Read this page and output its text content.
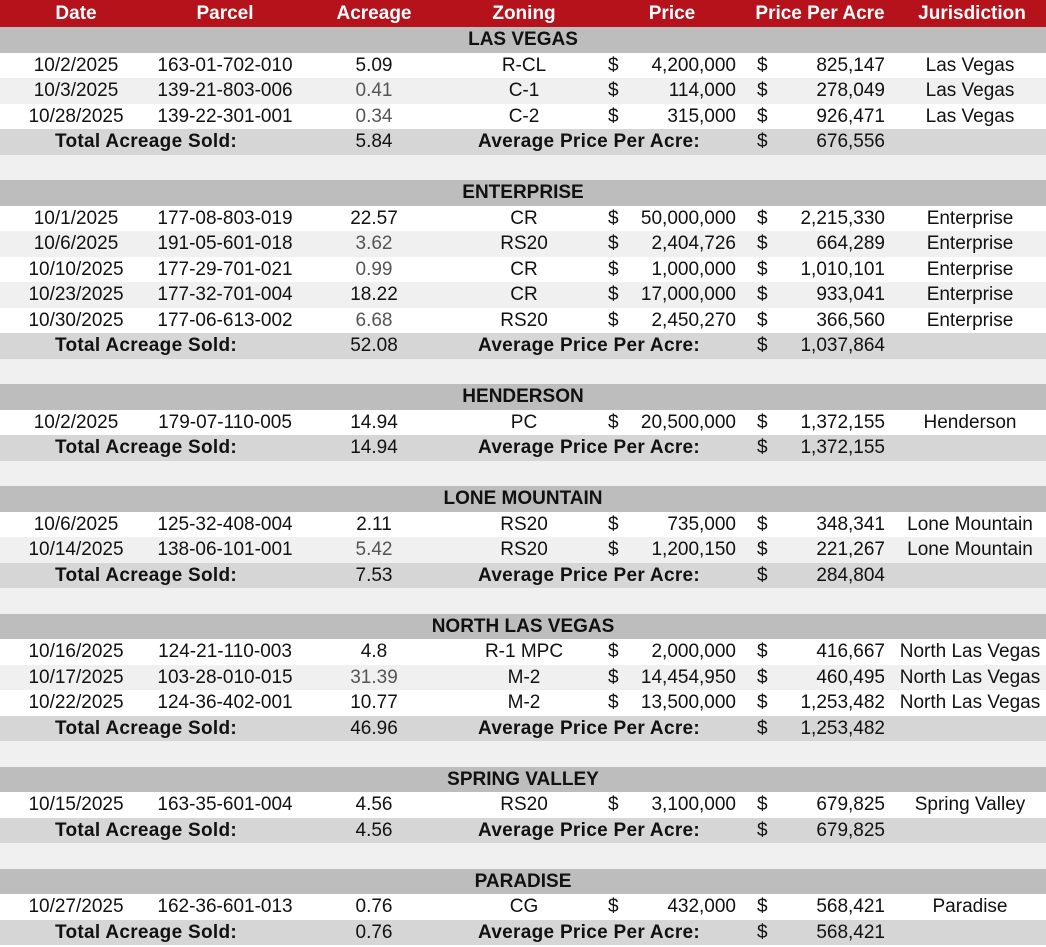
Date	Parcel	Acreage	Zoning	Price	Price Per Acre	Jurisdiction
LAS VEGAS
10/2/2025	163-01-702-010	5.09	R-CL	$	4,200,000 $	825,147	Las Vegas
10/3/2025	139-21-803-006	0.41	C-1	$	114,000 $	278,049	Las Vegas
10/28/2025	139-22-301-001	0.34	C-2	$	315,000 $	926,471	Las Vegas
Total Acreage Sold:	5.84	Average Price Per Acre:	$	676,556
ENTERPRISE
10/1/2025	177-08-803-019	22.57	CR	$	50,000,000 $	2,215,330	Enterprise
10/6/2025	191-05-601-018	3.62	RS20	$	2,404,726 $	664,289	Enterprise
10/10/2025	177-29-701-021	0.99	CR	$	1,000,000 $	1,010,101	Enterprise
10/23/2025	177-32-701-004	18.22	CR	$	17,000,000 $	933,041	Enterprise
10/30/2025	177-06-613-002	6.68	RS20	$	2,450,270 $	366,560	Enterprise
Total Acreage Sold:	52.08	Average Price Per Acre:	$	1,037,864
HENDERSON
10/2/2025	179-07-110-005	14.94	PC	$	20,500,000 $	1,372,155	Henderson
Total Acreage Sold:	14.94	Average Price Per Acre:	$	1,372,155
LONE MOUNTAIN
10/6/2025	125-32-408-004	2.11	RS20	$	735,000 $	348,341	Lone Mountain
10/14/2025	138-06-101-001	5.42	RS20	$	1,200,150 $	221,267	Lone Mountain
Total Acreage Sold:	7.53	Average Price Per Acre:	$	284,804
NORTH LAS VEGAS
10/16/2025	124-21-110-003	4.8	R-1 MPC	$	2,000,000 $	416,667 North Las Vegas
10/17/2025	103-28-010-015	31.39	M-2	$	14,454,950 $	460,495 North Las Vegas
10/22/2025	124-36-402-001	10.77	M-2	$	13,500,000 $	1,253,482 North Las Vegas
Total Acreage Sold:	46.96	Average Price Per Acre:	$	1,253,482
SPRING VALLEY
10/15/2025	163-35-601-004	4.56	RS20	$	3,100,000 $	679,825	Spring Valley
Total Acreage Sold:	4.56	Average Price Per Acre:	$	679,825
PARADISE
10/27/2025	162-36-601-013	0.76	CG	$	432,000 $	568,421	Paradise
Total Acreage Sold:	0.76	Average Price Per Acre:	$	568,421
